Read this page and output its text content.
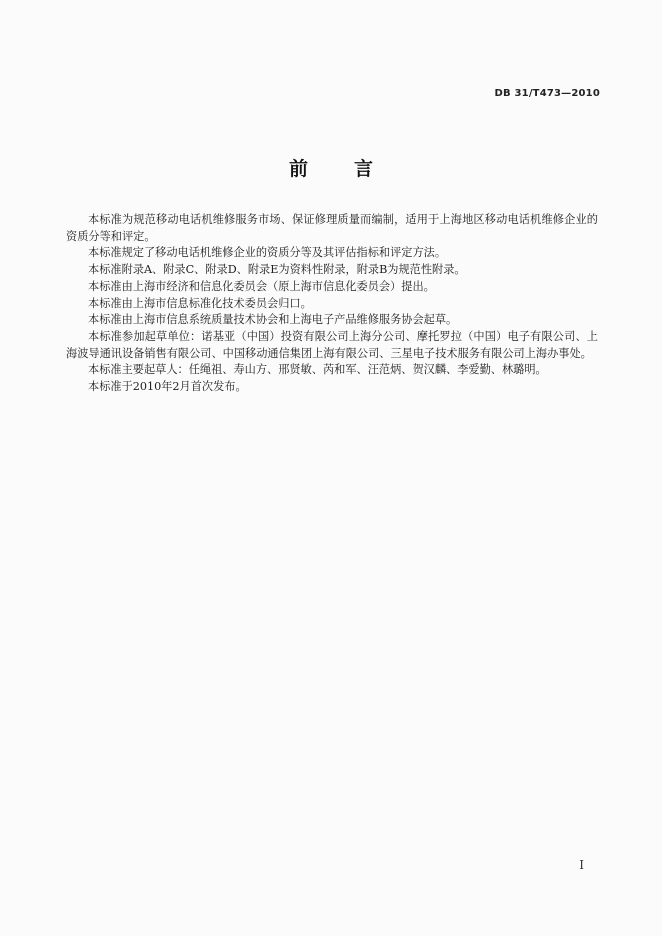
DB 31/T473—2010
前 言

本标准为规范移动电话机维修服务市场、保证修理质量而编制，适用于上海地区移动电话机维修企业的资质分等和评定。

本标准规定了移动电话机维修企业的资质分等及其评估指标和评定方法。

本标准附录A、附录C、附录D、附录E为资料性附录，附录B为规范性附录。

本标准由上海市经济和信息化委员会（原上海市信息化委员会）提出。

本标准由上海市信息标准化技术委员会归口。

本标准由上海市信息系统质量技术协会和上海电子产品维修服务协会起草。

本标准参加起草单位：诺基亚（中国）投资有限公司上海分公司、摩托罗拉（中国）电子有限公司、上海波导通讯设备销售有限公司、中国移动通信集团上海有限公司、三星电子技术服务有限公司上海办事处。

本标准主要起草人：任绳祖、寿山方、邢贤敏、芮和军、汪范炳、贺汉麟、李爱勤、林璐明。

本标准于2010年2月首次发布。

I
